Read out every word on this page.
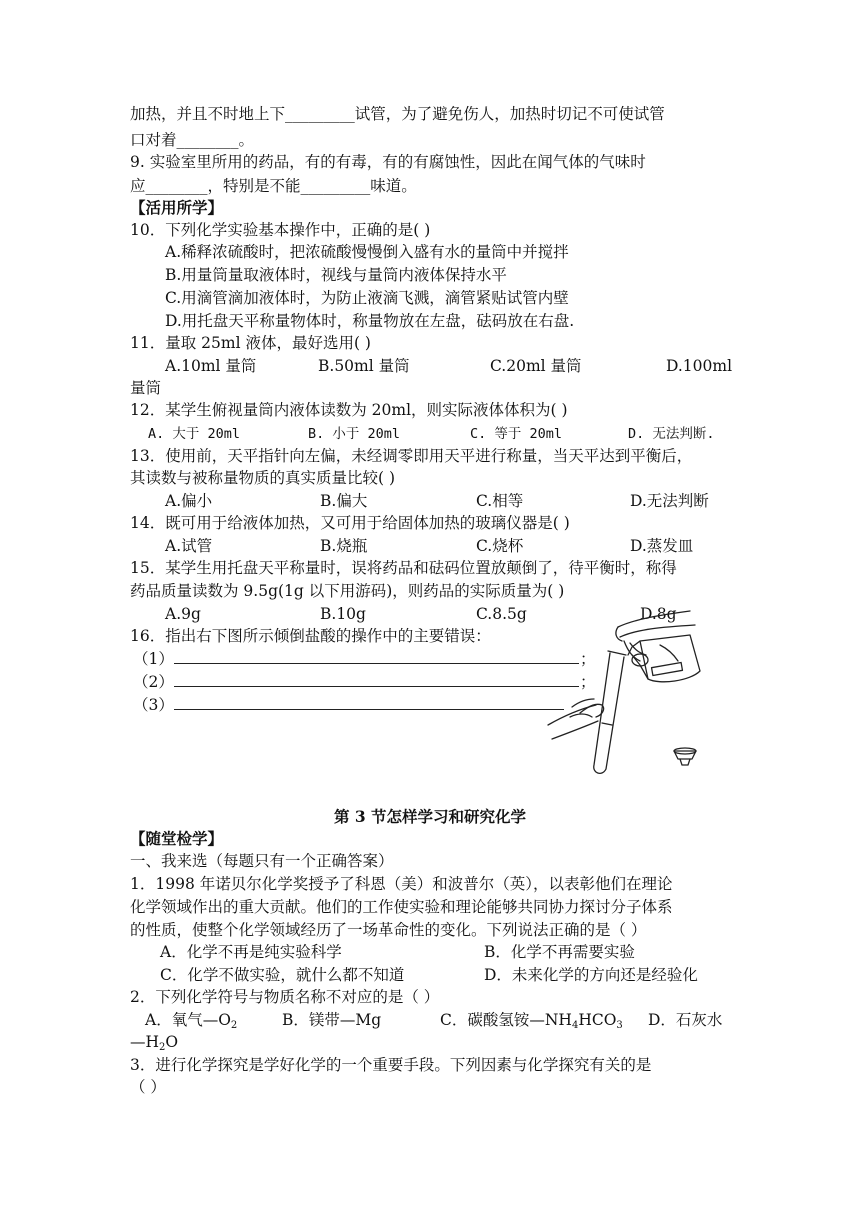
加热，并且不时地上下_________试管，为了避免伤人，加热时切记不可使试管
口对着________。
9. 实验室里所用的药品，有的有毒，有的有腐蚀性，因此在闻气体的气味时
应________，特别是不能_________味道。
【活用所学】
10．下列化学实验基本操作中，正确的是( )
A.稀释浓硫酸时，把浓硫酸慢慢倒入盛有水的量筒中并搅拌
B.用量筒量取液体时，视线与量筒内液体保持水平
C.用滴管滴加液体时，为防止液滴飞溅，滴管紧贴试管内壁
D.用托盘天平称量物体时，称量物放在左盘，砝码放在右盘.
11．量取 25ml 液体，最好选用( )
A.10ml 量筒	B.50ml 量筒	C.20ml 量筒	D.100ml
量筒
12．某学生俯视量筒内液体读数为 20ml，则实际液体体积为( )
A. 大于 20ml	B. 小于 20ml	C. 等于 20ml	D. 无法判断.
13．使用前，天平指针向左偏，未经调零即用天平进行称量，当天平达到平衡后，
其读数与被称量物质的真实质量比较( )
A.偏小	B.偏大	C.相等	D.无法判断
14．既可用于给液体加热，又可用于给固体加热的玻璃仪器是( )
A.试管	B.烧瓶	C.烧杯	D.蒸发皿
15．某学生用托盘天平称量时，误将药品和砝码位置放颠倒了，待平衡时，称得
药品质量读数为 9.5g(1g 以下用游码)，则药品的实际质量为( )
A.9g	B.10g	C.8.5g	D.8g
16．指出右下图所示倾倒盐酸的操作中的主要错误：
（1）	；
（2）	；
（3）
第 3 节怎样学习和研究化学
【随堂检学】
一、我来选（每题只有一个正确答案）
1．1998 年诺贝尔化学奖授予了科恩（美）和波普尔（英），以表彰他们在理论
化学领域作出的重大贡献。他们的工作使实验和理论能够共同协力探讨分子体系
的性质，使整个化学领域经历了一场革命性的变化。下列说法正确的是（ ）
A．化学不再是纯实验科学	B．化学不再需要实验
C．化学不做实验，就什么都不知道	D．未来化学的方向还是经验化
2．下列化学符号与物质名称不对应的是（ ）
A．氧气$—O_2$	B．镁带—Mg	C．碳酸氢铵$—NH_4HCO_3$ D．石灰水
$—H_2O$
3．进行化学探究是学好化学的一个重要手段。下列因素与化学探究有关的是
（ ）
